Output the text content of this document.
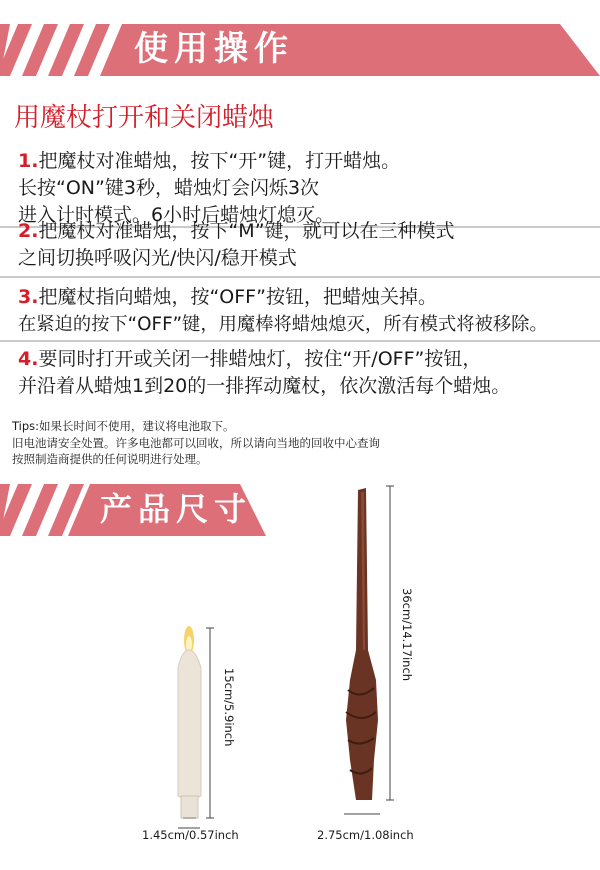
使用操作
用魔杖打开和关闭蜡烛
1.把魔杖对准蜡烛，按下“开”键，打开蜡烛。
长按“ON”键3秒，蜡烛灯会闪烁3次
进入计时模式。6小时后蜡烛灯熄灭。
2.把魔杖对准蜡烛，按下“M”键，就可以在三种模式
之间切换呼吸闪光/快闪/稳开模式
3.把魔杖指向蜡烛，按“OFF”按钮，把蜡烛关掉。
在紧迫的按下“OFF”键，用魔棒将蜡烛熄灭，所有模式将被移除。
4.要同时打开或关闭一排蜡烛灯，按住“开/OFF”按钮，
并沿着从蜡烛1到20的一排挥动魔杖，依次激活每个蜡烛。
Tips:如果长时间不使用，建议将电池取下。
旧电池请安全处置。许多电池都可以回收，所以请向当地的回收中心查询
按照制造商提供的任何说明进行处理。
产品尺寸
15cm/5.9inch
1.45cm/0.57inch
36cm/14.17inch
2.75cm/1.08inch
